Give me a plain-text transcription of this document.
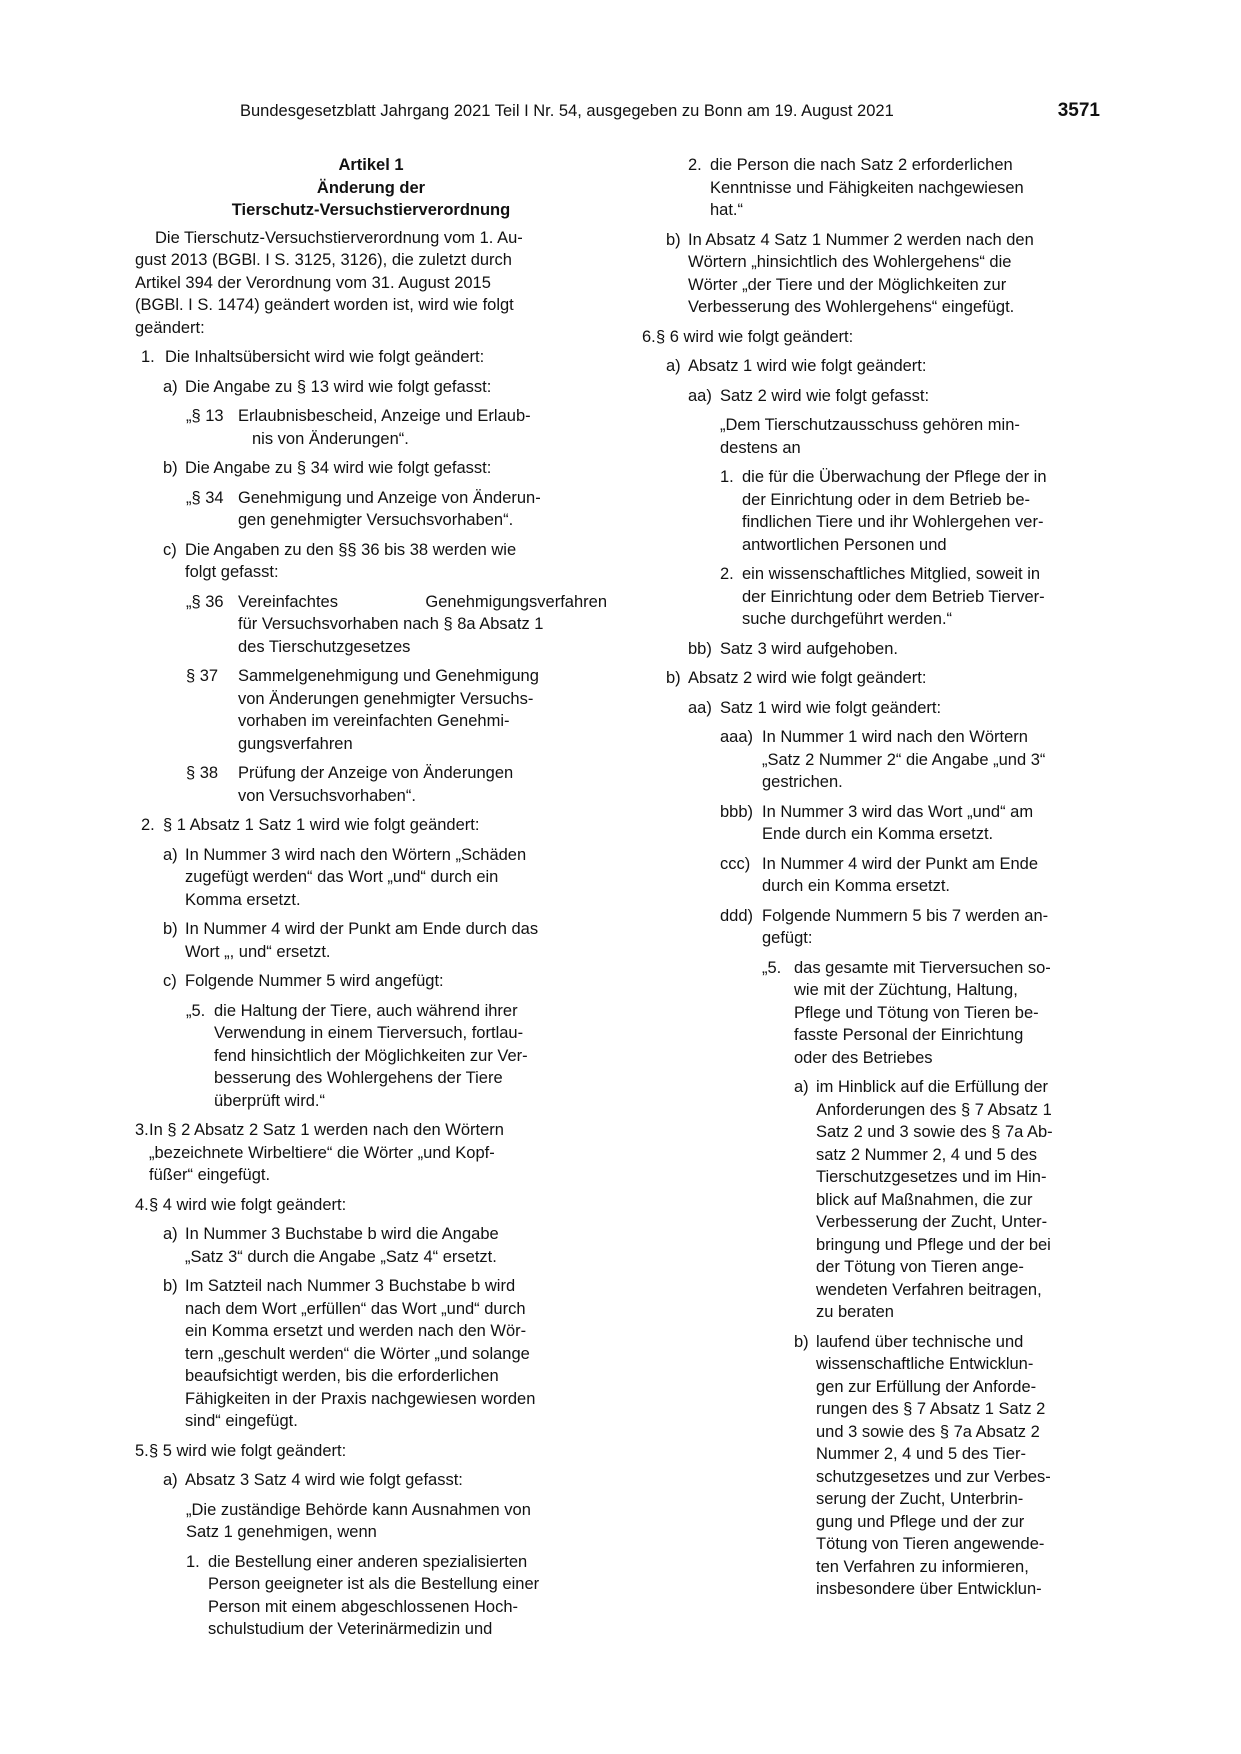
Bundesgesetzblatt Jahrgang 2021 Teil I Nr. 54, ausgegeben zu Bonn am 19. August 2021	3571

Artikel 1

Änderung der

Tierschutz-Versuchstierverordnung

Die Tierschutz-Versuchstierverordnung vom 1. Au-
gust 2013 (BGBl. I S. 3125, 3126), die zuletzt durch
Artikel 394 der Verordnung vom 31. August 2015
(BGBl. I S. 1474) geändert worden ist, wird wie folgt
geändert:
1. Die Inhaltsübersicht wird wie folgt geändert:
a) Die Angabe zu § 13 wird wie folgt gefasst:
„§ 13 Erlaubnisbescheid, Anzeige und Erlaub-
nis von Änderungen“.
b) Die Angabe zu § 34 wird wie folgt gefasst:
„§ 34 Genehmigung und Anzeige von Änderun-
gen genehmigter Versuchsvorhaben“.
c) Die Angaben zu den §§ 36 bis 38 werden wie
folgt gefasst:
„§ 36 Vereinfachtes Genehmigungsverfahren
für Versuchsvorhaben nach § 8a Absatz 1
des Tierschutzgesetzes
§ 37	Sammelgenehmigung und Genehmigung
von Änderungen genehmigter Versuchs-
vorhaben im vereinfachten Genehmi-
gungsverfahren
§ 38	Prüfung der Anzeige von Änderungen
von Versuchsvorhaben“.
2. § 1 Absatz 1 Satz 1 wird wie folgt geändert:
a) In Nummer 3 wird nach den Wörtern „Schäden
zugefügt werden“ das Wort „und“ durch ein
Komma ersetzt.
b) In Nummer 4 wird der Punkt am Ende durch das
Wort „, und“ ersetzt.
c) Folgende Nummer 5 wird angefügt:
„5. die Haltung der Tiere, auch während ihrer
Verwendung in einem Tierversuch, fortlau-
fend hinsichtlich der Möglichkeiten zur Ver-
besserung des Wohlergehens der Tiere
überprüft wird.“
3. In § 2 Absatz 2 Satz 1 werden nach den Wörtern
„bezeichnete Wirbeltiere“ die Wörter „und Kopf-
füßer“ eingefügt.
4. § 4 wird wie folgt geändert:
a) In Nummer 3 Buchstabe b wird die Angabe
„Satz 3“ durch die Angabe „Satz 4“ ersetzt.
b) Im Satzteil nach Nummer 3 Buchstabe b wird
nach dem Wort „erfüllen“ das Wort „und“ durch
ein Komma ersetzt und werden nach den Wör-
tern „geschult werden“ die Wörter „und solange
beaufsichtigt werden, bis die erforderlichen
Fähigkeiten in der Praxis nachgewiesen worden
sind“ eingefügt.
5. § 5 wird wie folgt geändert:
a) Absatz 3 Satz 4 wird wie folgt gefasst:
„Die zuständige Behörde kann Ausnahmen von
Satz 1 genehmigen, wenn
1. die Bestellung einer anderen spezialisierten
Person geeigneter ist als die Bestellung einer
Person mit einem abgeschlossenen Hoch-
schulstudium der Veterinärmedizin und
2. die Person die nach Satz 2 erforderlichen
Kenntnisse und Fähigkeiten nachgewiesen
hat.“
b) In Absatz 4 Satz 1 Nummer 2 werden nach den
Wörtern „hinsichtlich des Wohlergehens“ die
Wörter „der Tiere und der Möglichkeiten zur
Verbesserung des Wohlergehens“ eingefügt.
6. § 6 wird wie folgt geändert:
a) Absatz 1 wird wie folgt geändert:
aa) Satz 2 wird wie folgt gefasst:
„Dem Tierschutzausschuss gehören min-
destens an
1. die für die Überwachung der Pflege der in
der Einrichtung oder in dem Betrieb be-
findlichen Tiere und ihr Wohlergehen ver-
antwortlichen Personen und
2. ein wissenschaftliches Mitglied, soweit in
der Einrichtung oder dem Betrieb Tierver-
suche durchgeführt werden.“
bb) Satz 3 wird aufgehoben.
b) Absatz 2 wird wie folgt geändert:
aa) Satz 1 wird wie folgt geändert:
aaa) In Nummer 1 wird nach den Wörtern
„Satz 2 Nummer 2“ die Angabe „und 3“
gestrichen.
bbb) In Nummer 3 wird das Wort „und“ am
Ende durch ein Komma ersetzt.
ccc) In Nummer 4 wird der Punkt am Ende
durch ein Komma ersetzt.
ddd) Folgende Nummern 5 bis 7 werden an-
gefügt:
„5. das gesamte mit Tierversuchen so-
wie mit der Züchtung, Haltung,
Pflege und Tötung von Tieren be-
fasste Personal der Einrichtung
oder des Betriebes
a) im Hinblick auf die Erfüllung der
Anforderungen des § 7 Absatz 1
Satz 2 und 3 sowie des § 7a Ab-
satz 2 Nummer 2, 4 und 5 des
Tierschutzgesetzes und im Hin-
blick auf Maßnahmen, die zur
Verbesserung der Zucht, Unter-
bringung und Pflege und der bei
der Tötung von Tieren ange-
wendeten Verfahren beitragen,
zu beraten
b) laufend über technische und
wissenschaftliche Entwicklun-
gen zur Erfüllung der Anforde-
rungen des § 7 Absatz 1 Satz 2
und 3 sowie des § 7a Absatz 2
Nummer 2, 4 und 5 des Tier-
schutzgesetzes und zur Verbes-
serung der Zucht, Unterbrin-
gung und Pflege und der zur
Tötung von Tieren angewende-
ten Verfahren zu informieren,
insbesondere über Entwicklun-
